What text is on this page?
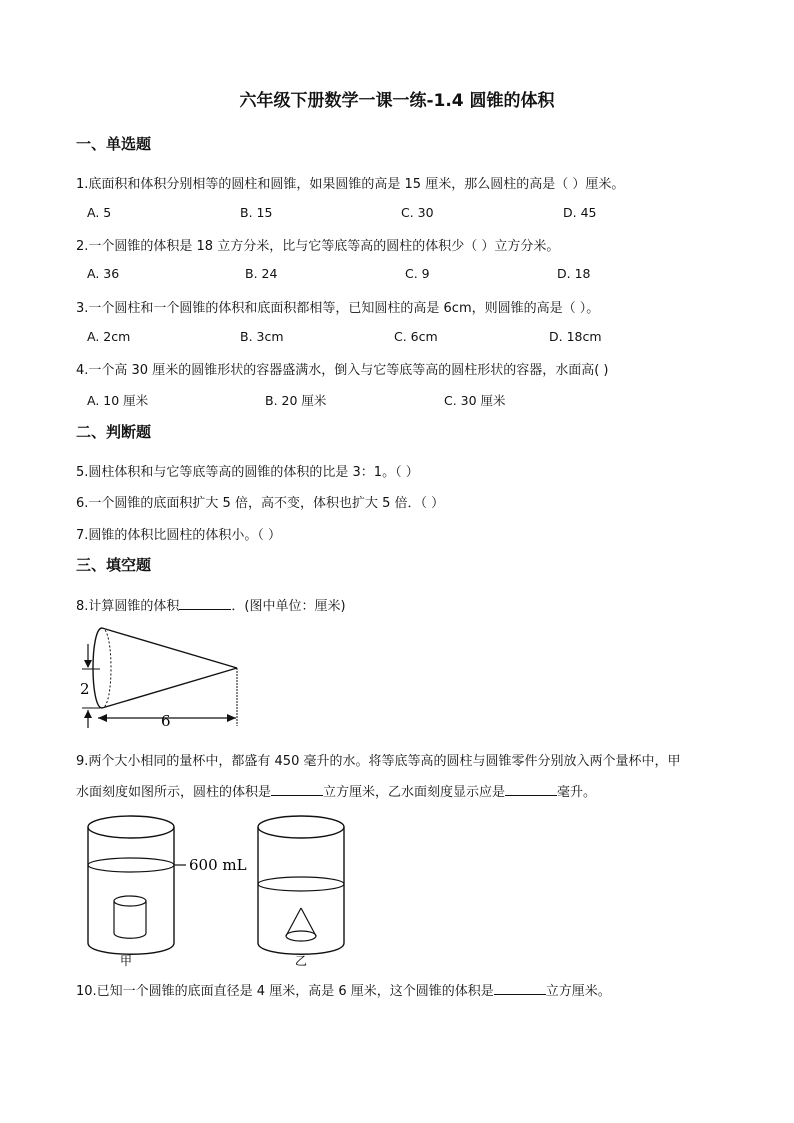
六年级下册数学一课一练-1.4 圆锥的体积
一、单选题
1.底面积和体积分别相等的圆柱和圆锥，如果圆锥的高是 15 厘米，那么圆柱的高是（ ）厘米。
A. 5	B. 15	C. 30	D. 45
2.一个圆锥的体积是 18 立方分米，比与它等底等高的圆柱的体积少（ ）立方分米。
A. 36	B. 24	C. 9	D. 18
3.一个圆柱和一个圆锥的体积和底面积都相等，已知圆柱的高是 6cm，则圆锥的高是（ ）。
A. 2cm	B. 3cm	C. 6cm	D. 18cm
4.一个高 30 厘米的圆锥形状的容器盛满水，倒入与它等底等高的圆柱形状的容器，水面高( )
A. 10 厘米	B. 20 厘米	C. 30 厘米
二、判断题
5.圆柱体积和与它等底等高的圆锥的体积的比是 3：1。（ ）
6.一个圆锥的底面积扩大 5 倍，高不变，体积也扩大 5 倍．（ ）
7.圆锥的体积比圆柱的体积小。（ ）
三、填空题
8.计算圆锥的体积	．(图中单位：厘米)
2
6
9.两个大小相同的量杯中，都盛有 450 毫升的水。将等底等高的圆柱与圆锥零件分别放入两个量杯中，甲
水面刻度如图所示，圆柱的体积是	立方厘米，乙水面刻度显示应是	毫升。
600 mL
甲	乙
10.已知一个圆锥的底面直径是 4 厘米，高是 6 厘米，这个圆锥的体积是	立方厘米。
